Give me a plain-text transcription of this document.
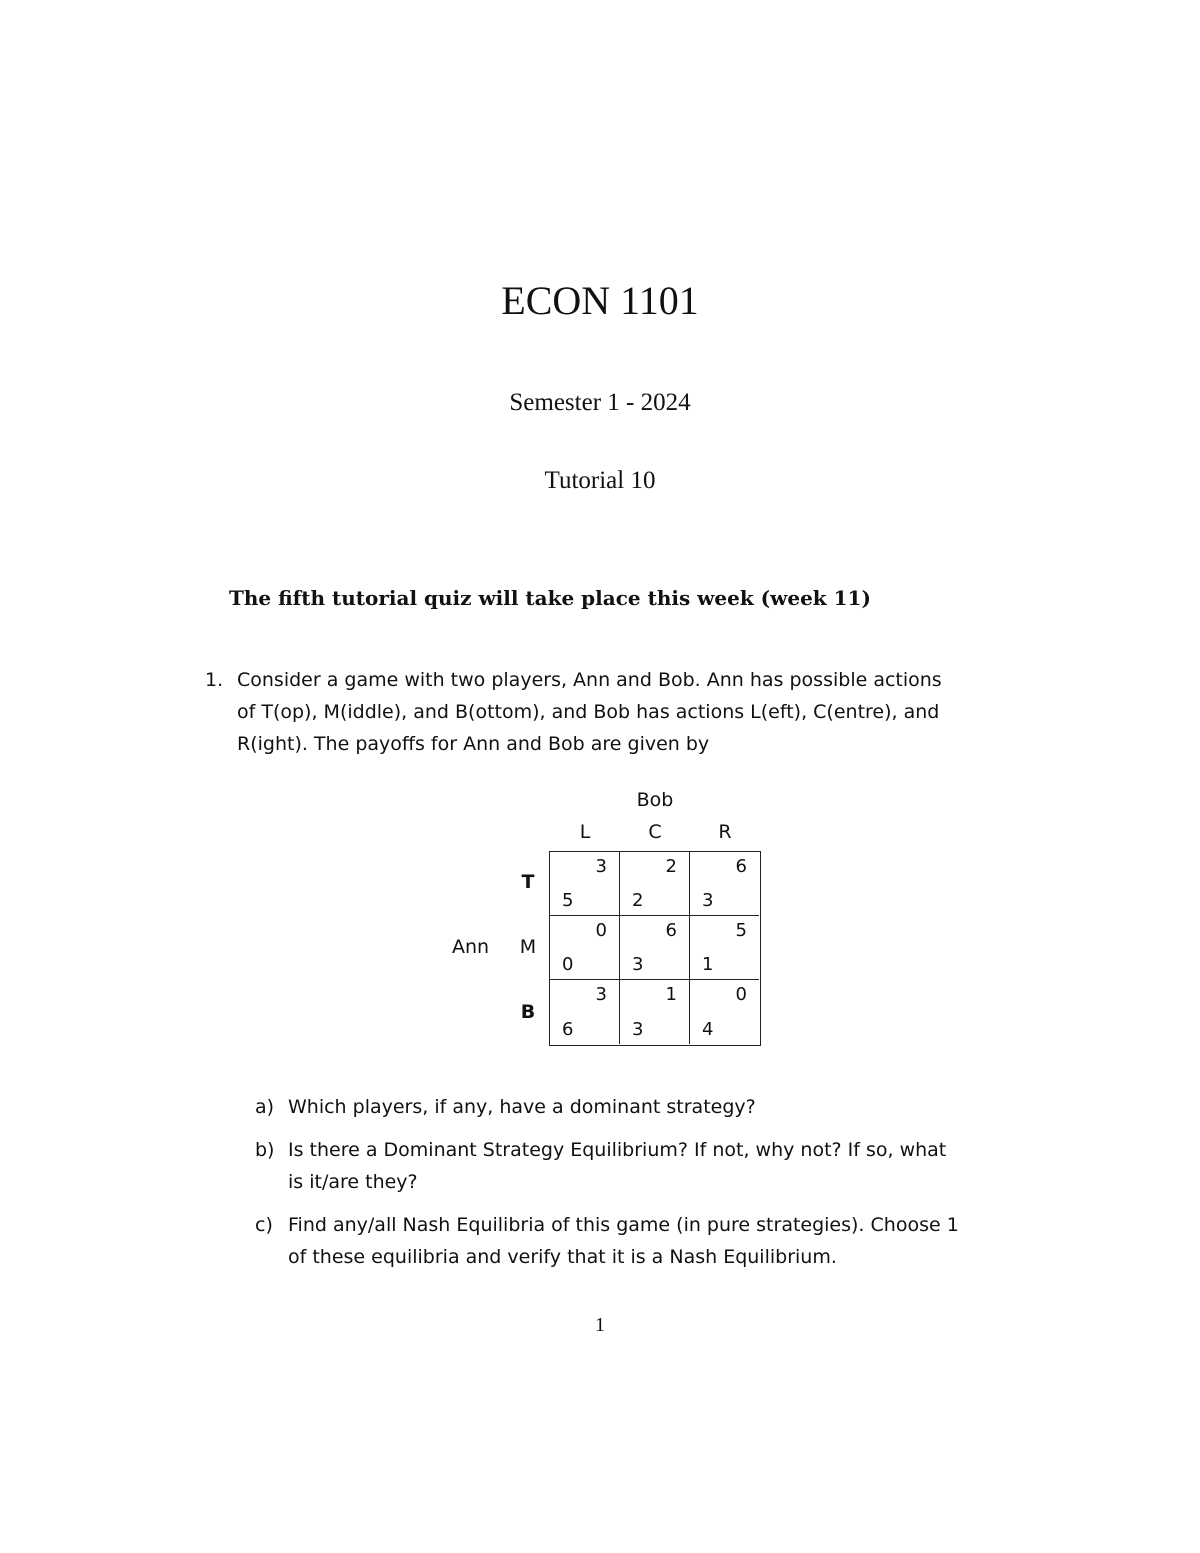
ECON 1101
Semester 1 - 2024
Tutorial 10
The fifth tutorial quiz will take place this week (week 11)
1. Consider a game with two players, Ann and Bob. Ann has possible actions
of T(op), M(iddle), and B(ottom), and Bob has actions L(eft), C(entre), and
R(ight). The payoffs for Ann and Bob are given by
Bob
L	C	R
Ann
T
M
B
3
5
2
2
6
3
0
0
6
3
5
1
3
6
1
3
0
4
a) Which players, if any, have a dominant strategy?
b) Is there a Dominant Strategy Equilibrium? If not, why not? If so, what
is it/are they?
c) Find any/all Nash Equilibria of this game (in pure strategies). Choose 1
of these equilibria and verify that it is a Nash Equilibrium.
1
